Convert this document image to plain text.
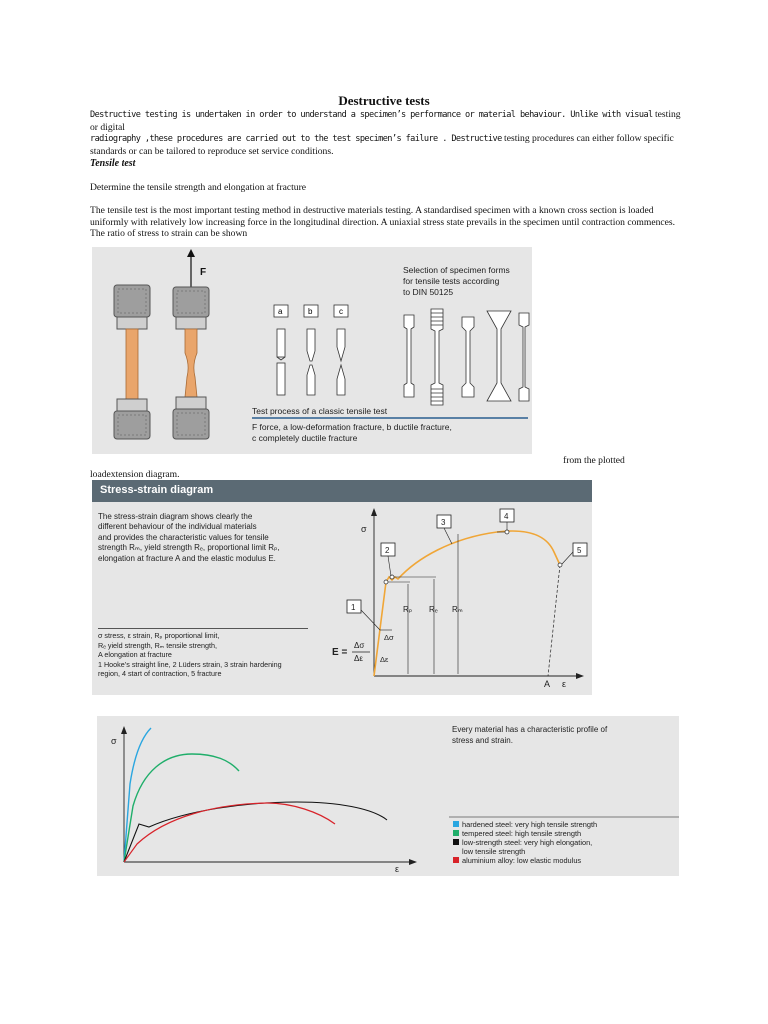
Destructive tests
Destructive testing is undertaken in order to understand a specimen’s performance or material behaviour. Unlike with visual testing or digital
radiography ,these procedures are carried out to the test specimen’s failure . Destructive testing procedures can either follow specific standards or can be tailored to reproduce set service conditions.
Tensile test
Determine the tensile strength and elongation at fracture
The tensile test is the most important testing method in destructive materials testing. A standardised specimen with a known cross section is loaded uniformly with relatively low increasing force in the longitudinal direction. A uniaxial stress state prevails in the specimen until contraction commences. The ratio of stress to strain can be shown
F
a	b	c
Selection of specimen forms
for tensile tests according
to DIN 50125
Test process of a classic tensile test
F force, a low-deformation fracture, b ductile fracture,
c completely ductile fracture
from the plotted
loadextension diagram.
Stress-strain diagram
The stress-strain diagram shows clearly the
different behaviour of the individual materials
and provides the characteristic values for tensile
strength Rₘ, yield strength Rₑ, proportional limit Rₚ,
elongation at fracture A and the elastic modulus E.
σ stress, ε strain, Rₚ proportional limit,
Rₑ yield strength, Rₘ tensile strength,
A elongation at fracture
1 Hooke’s straight line, 2 Lüders strain, 3 strain hardening
region, 4 start of contraction, 5 fracture
E =
Δσ
Δε
σ
ε
A
Rₚ Rₑ Rₘ
Δσ
Δε
1
2
3
4
5
σ
ε
Every material has a characteristic profile of
stress and strain.
hardened steel: very high tensile strength
tempered steel: high tensile strength
low-strength steel: very high elongation,
low tensile strength
aluminium alloy: low elastic modulus
